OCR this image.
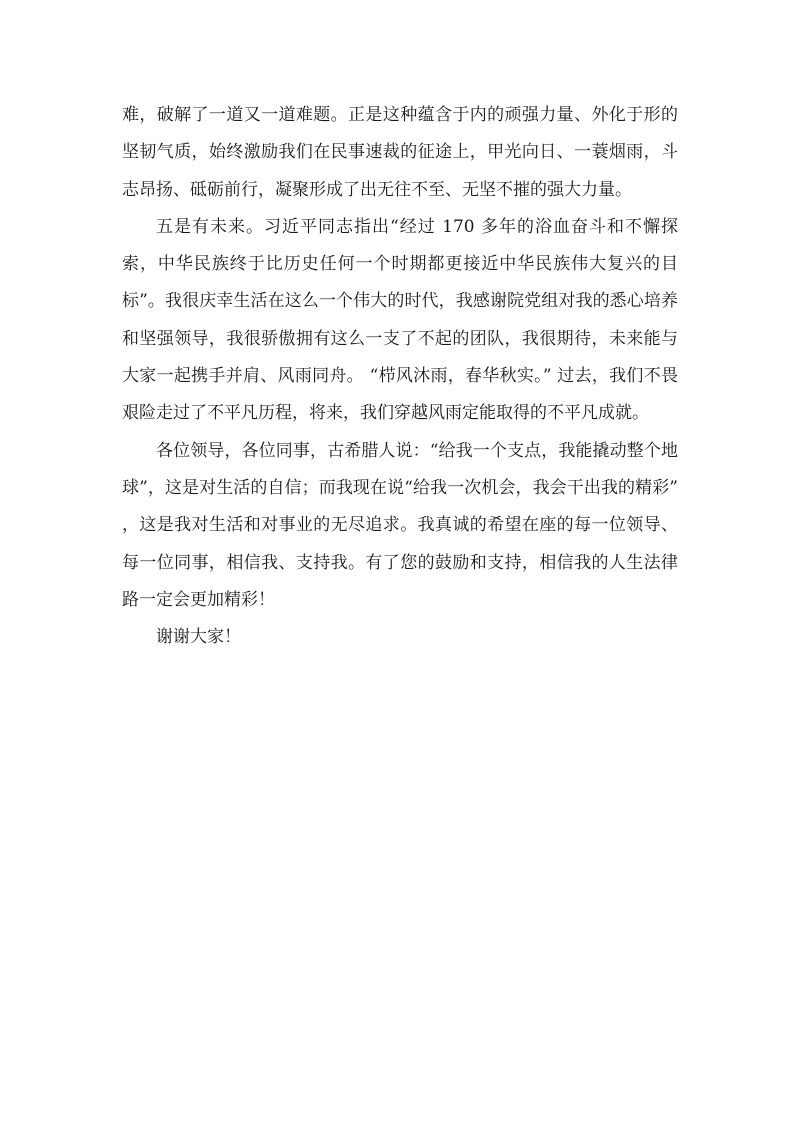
难，破解了一道又一道难题。正是这种蕴含于内的顽强力量、外化于形的坚韧气质，始终激励我们在民事速裁的征途上，甲光向日、一蓑烟雨，斗志昂扬、砥砺前行，凝聚形成了出无往不至、无坚不摧的强大力量。

五是有未来。习近平同志指出“经过 170 多年的浴血奋斗和不懈探索，中华民族终于比历史任何一个时期都更接近中华民族伟大复兴的目标”。我很庆幸生活在这么一个伟大的时代，我感谢院党组对我的悉心培养和坚强领导，我很骄傲拥有这么一支了不起的团队，我很期待，未来能与大家一起携手并肩、风雨同舟。 “栉风沐雨，春华秋实。” 过去，我们不畏艰险走过了不平凡历程，将来，我们穿越风雨定能取得的不平凡成就。

各位领导，各位同事，古希腊人说：“给我一个支点，我能撬动整个地球”，这是对生活的自信；而我现在说“给我一次机会，我会干出我的精彩” ，这是我对生活和对事业的无尽追求。我真诚的希望在座的每一位领导、每一位同事，相信我、支持我。有了您的鼓励和支持，相信我的人生法律路一定会更加精彩！

谢谢大家！
